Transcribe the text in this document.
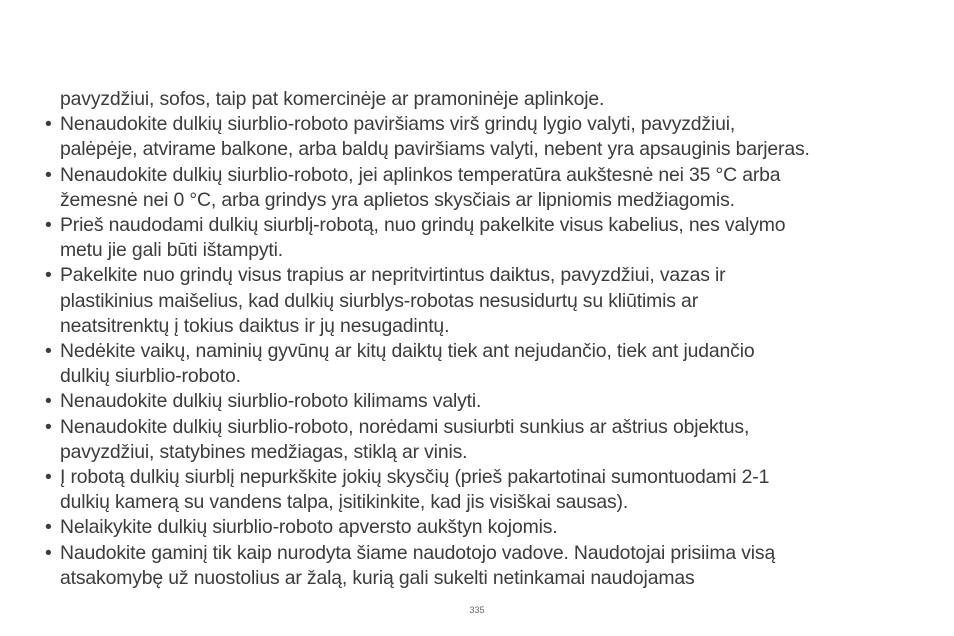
pavyzdžiui, sofos, taip pat komercinėje ar pramoninėje aplinkoje.
• Nenaudokite dulkių siurblio-roboto paviršiams virš grindų lygio valyti, pavyzdžiui,
palėpėje, atvirame balkone, arba baldų paviršiams valyti, nebent yra apsauginis barjeras.
• Nenaudokite dulkių siurblio-roboto, jei aplinkos temperatūra aukštesnė nei 35 °C arba
žemesnė nei 0 °C, arba grindys yra aplietos skysčiais ar lipniomis medžiagomis.
• Prieš naudodami dulkių siurblį-robotą, nuo grindų pakelkite visus kabelius, nes valymo
metu jie gali būti ištampyti.
• Pakelkite nuo grindų visus trapius ar nepritvirtintus daiktus, pavyzdžiui, vazas ir
plastikinius maišelius, kad dulkių siurblys-robotas nesusidurtų su kliūtimis ar
neatsitrenktų į tokius daiktus ir jų nesugadintų.
• Nedėkite vaikų, naminių gyvūnų ar kitų daiktų tiek ant nejudančio, tiek ant judančio
dulkių siurblio-roboto.
• Nenaudokite dulkių siurblio-roboto kilimams valyti.
• Nenaudokite dulkių siurblio-roboto, norėdami susiurbti sunkius ar aštrius objektus,
pavyzdžiui, statybines medžiagas, stiklą ar vinis.
• Į robotą dulkių siurblį nepurkškite jokių skysčių (prieš pakartotinai sumontuodami 2-1
dulkių kamerą su vandens talpa, įsitikinkite, kad jis visiškai sausas).
• Nelaikykite dulkių siurblio-roboto apversto aukštyn kojomis.
• Naudokite gaminį tik kaip nurodyta šiame naudotojo vadove. Naudotojai prisiima visą
atsakomybę už nuostolius ar žalą, kurią gali sukelti netinkamai naudojamas
335
